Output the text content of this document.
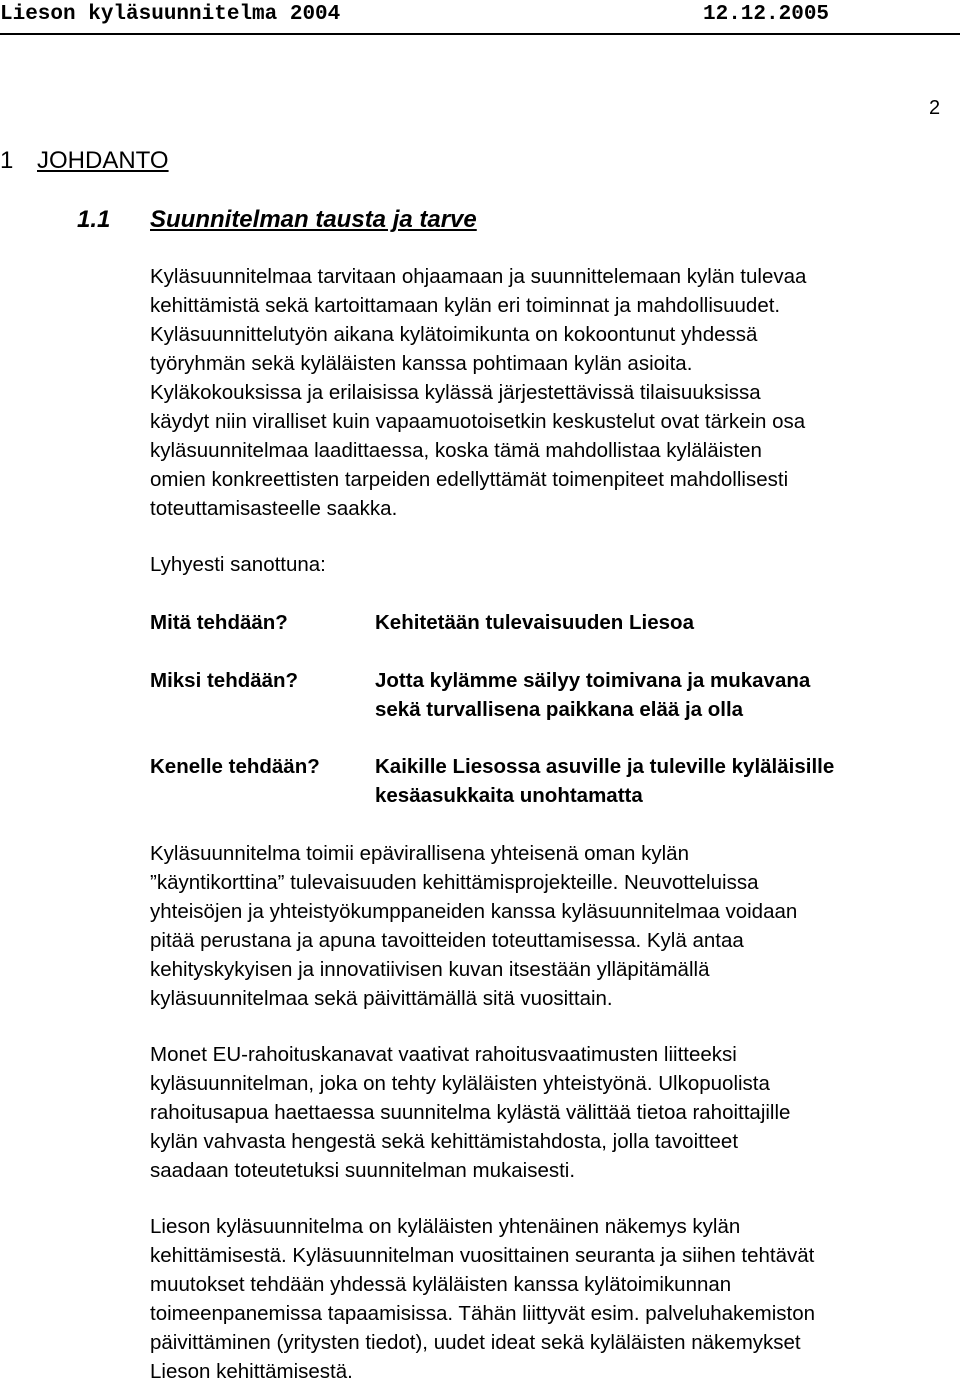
Lieson kyläsuunnitelma 2004	12.12.2005
2
1 JOHDANTO
1.1 Suunnitelman tausta ja tarve

Kyläsuunnitelmaa tarvitaan ohjaamaan ja suunnittelemaan kylän tulevaa
kehittämistä sekä kartoittamaan kylän eri toiminnat ja mahdollisuudet.
Kyläsuunnittelutyön aikana kylätoimikunta on kokoontunut yhdessä
työryhmän sekä kyläläisten kanssa pohtimaan kylän asioita.
Kyläkokouksissa ja erilaisissa kylässä järjestettävissä tilaisuuksissa
käydyt niin viralliset kuin vapaamuotoisetkin keskustelut ovat tärkein osa
kyläsuunnitelmaa laadittaessa, koska tämä mahdollistaa kyläläisten
omien konkreettisten tarpeiden edellyttämät toimenpiteet mahdollisesti
toteuttamisasteelle saakka.

Lyhyesti sanottuna:

Mitä tehdään?	Kehitetään tulevaisuuden Liesoa
Miksi tehdään?	Jotta kylämme säilyy toimivana ja mukavana
sekä turvallisena paikkana elää ja olla
Kenelle tehdään?	Kaikille Liesossa asuville ja tuleville kyläläisille
kesäasukkaita unohtamatta

Kyläsuunnitelma toimii epävirallisena yhteisenä oman kylän
”käyntikorttina” tulevaisuuden kehittämisprojekteille. Neuvotteluissa
yhteisöjen ja yhteistyökumppaneiden kanssa kyläsuunnitelmaa voidaan
pitää perustana ja apuna tavoitteiden toteuttamisessa. Kylä antaa
kehityskykyisen ja innovatiivisen kuvan itsestään ylläpitämällä
kyläsuunnitelmaa sekä päivittämällä sitä vuosittain.

Monet EU-rahoituskanavat vaativat rahoitusvaatimusten liitteeksi
kyläsuunnitelman, joka on tehty kyläläisten yhteistyönä. Ulkopuolista
rahoitusapua haettaessa suunnitelma kylästä välittää tietoa rahoittajille
kylän vahvasta hengestä sekä kehittämistahdosta, jolla tavoitteet
saadaan toteutetuksi suunnitelman mukaisesti.

Lieson kyläsuunnitelma on kyläläisten yhtenäinen näkemys kylän
kehittämisestä. Kyläsuunnitelman vuosittainen seuranta ja siihen tehtävät
muutokset tehdään yhdessä kyläläisten kanssa kylätoimikunnan
toimeenpanemissa tapaamisissa. Tähän liittyvät esim. palveluhakemiston
päivittäminen (yritysten tiedot), uudet ideat sekä kyläläisten näkemykset
Lieson kehittämisestä.
